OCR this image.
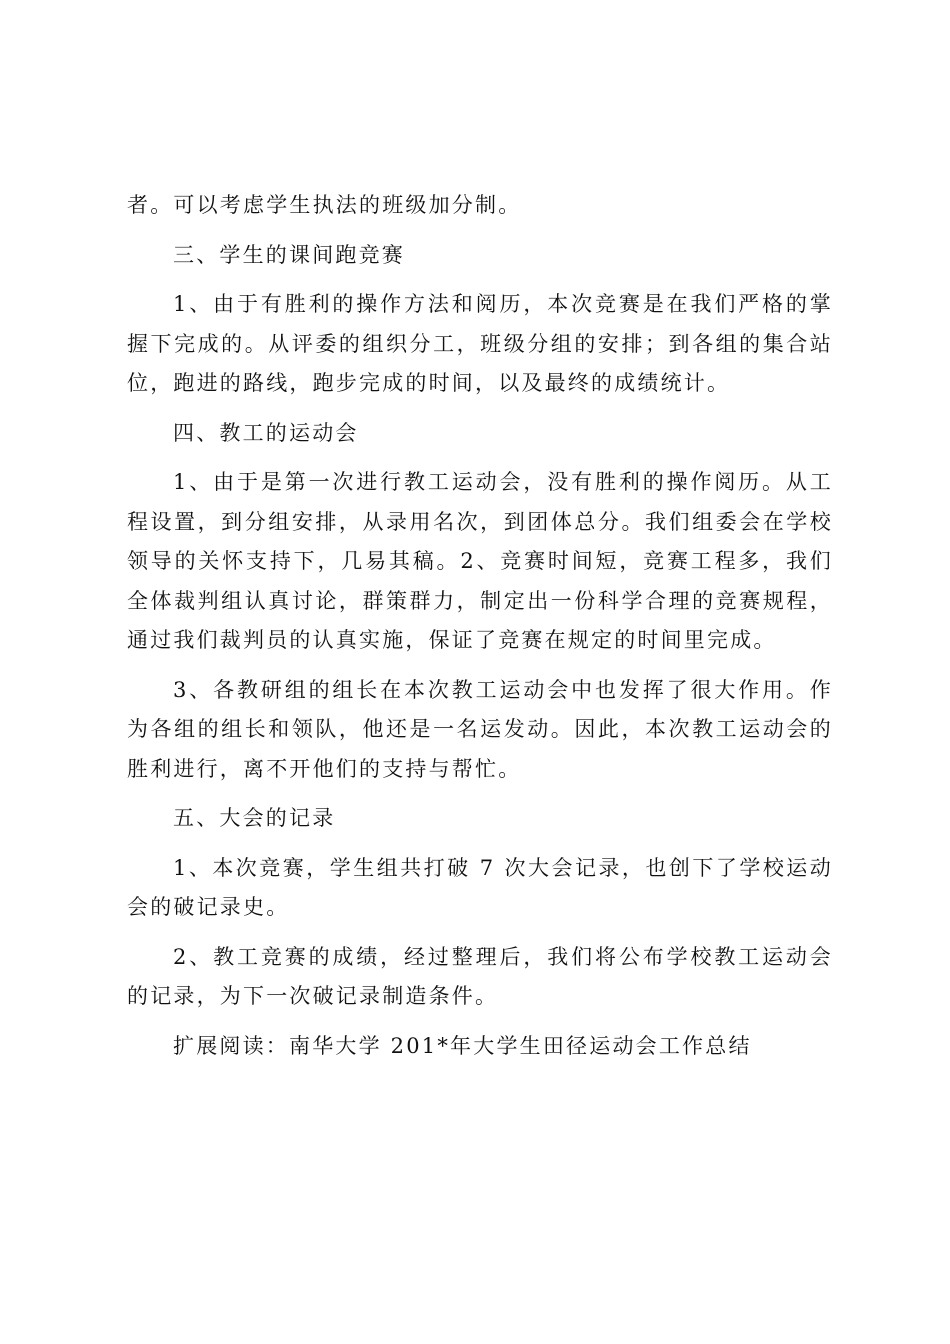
者。可以考虑学生执法的班级加分制。

三、学生的课间跑竞赛

1、由于有胜利的操作方法和阅历，本次竞赛是在我们严格的掌握下完成的。从评委的组织分工，班级分组的安排；到各组的集合站位，跑进的路线，跑步完成的时间，以及最终的成绩统计。

四、教工的运动会

1、由于是第一次进行教工运动会，没有胜利的操作阅历。从工程设置，到分组安排，从录用名次，到团体总分。我们组委会在学校领导的关怀支持下，几易其稿。2、竞赛时间短，竞赛工程多，我们全体裁判组认真讨论，群策群力，制定出一份科学合理的竞赛规程，通过我们裁判员的认真实施，保证了竞赛在规定的时间里完成。

3、各教研组的组长在本次教工运动会中也发挥了很大作用。作为各组的组长和领队，他还是一名运发动。因此，本次教工运动会的胜利进行，离不开他们的支持与帮忙。

五、大会的记录

1、本次竞赛，学生组共打破 7 次大会记录，也创下了学校运动会的破记录史。

2、教工竞赛的成绩，经过整理后，我们将公布学校教工运动会的记录，为下一次破记录制造条件。

扩展阅读：南华大学 201*年大学生田径运动会工作总结
